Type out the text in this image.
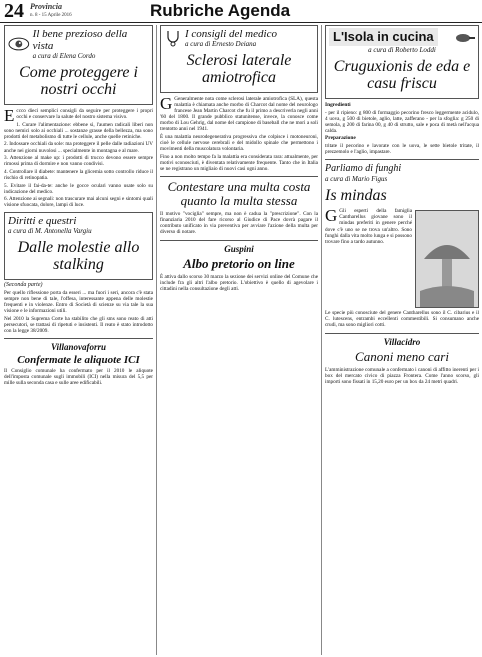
24 Provincia
n. 8 - 15 Aprile 2016	Rubriche Agenda
Il bene prezioso della vista
a cura di Elena Cordo
Come proteggere i nostri occhi

Eccco dieci semplici consigli da seguire per proteggere i propri occhi e conservare la salute del nostro sistema visivo.

1. Curare l'alimentazione: ebbene sì, l'aumen radicali liberi non sono nemici solo ai occhiali ... sostanze grasse della bellezza, ma sono prodotti del metabolismo di tutte le cellule, anche quelle retiniche.

2. Indossare occhiali da sole: ma proteggere il pelle dalle radiazioni UV anche nei giorni nuvolosi ... specialmente in montagna e al mare.

3. Attenzione al make up: i prodotti di trucco devono essere sempre rimossi prima di dormire e non vanno condivisi.

4. Controllare il diabete: mantenere la glicemia sotto controllo riduce il rischio di retinopatia.

5. Evitare il fai-da-te: anche le gocce oculari vanno usate solo su indicazione del medico.

6. Attenzione ai segnali: non trascurare mai alcuni segni e sintomi quali visione sfuocata, dolore, lampi di luce.

Diritti e questri
a cura di M. Antonella Vargiu
Dalle molestie allo stalking

(Seconda parte)

Per quello riflessione porta da esseri ... ma fuori i seri, ancora c'è stata sempre non bene di tale, l'offesa, interessante appena delle molestie frequenti e in violenze. Entro di Società di scienze su via tale la sua visione e le informazioni utili.

Nel 2010 la Suprema Corte ha stabilito che gli sms sono reato di atti persecutori, se trattasi di ripetuti e insistenti. Il reato è stato introdotto con la legge 38/2009.

Villanovaforru
Confermate le aliquote ICI
Il Consiglio comunale ha confermato per il 2010 le aliquote dell'imposta comunale sugli immobili (ICI) nella misura del 5,5 per mille sulla seconda casa e sulle aree edificabili.
I consigli del medico
a cura di Ernesto Deiana
Sclerosi laterale amiotrofica

G Generalmente nota come sclerosi laterale amiotrofica (SLA), questa malattia è chiamata anche morbo di Charcot dal nome del neurologo francese Jean Martin Charcot che fu il primo a descriverla negli anni '60 del 1800. Il grande pubblico statunitense, invece, la conosce come morbo di Lou Gehrig, dal nome del campione di baseball che ne morì a soli trentotto anni nel 1941.

È una malattia neurodegenerativa progressiva che colpisce i motoneuroni, cioè le cellule nervose cerebrali e del midollo spinale che permettono i movimenti della muscolatura volontaria.

Fino a non molto tempo fa la malattia era considerata rara: attualmente, per motivi sconosciuti, è diventata relativamente frequente. Tanto che in Italia se ne registrano un migliaio di nuovi casi ogni anno.

Contestare una multa costa quanto la multa stessa
Il motivo "vociglia" sempre, ma non è cadua la "prescrizione". Con la finanziaria 2010 del fare ricorso al Giudice di Pace dovrà pagare il contributo unificato in via preventiva per avviare l'azione della multa per diverso di notare.
Guspini
Albo pretorio on line
È attiva dallo scorso 30 marzo la sezione dei servizi online del Comune che include fra gli altri l'albo pretorio. L'obiettivo è quello di agevolare i cittadini nella consultazione degli atti.
L'Isola in cucina
a cura di Roberto Loddi
Cruguxionis de eda e casu friscu

Ingredienti

- per il ripieno: g 800 di formaggio pecorino fresco leggermente acidulo, 4 uova, g 500 di bietole, aglio, latte, zafferano - per la sfoglia: g 250 di semola, g 200 di farina 00, g 40 di strutto, sale e poca di metà nell'acqua calda.

Preparazione

tritate il pecorino e lavorate con le uova, le sette bietole tritate, il prezzemolo e l'aglio, impastare.

Parliamo di funghi
a cura di Mario Figus
Is mindas

G Gli esperti della famiglia Cantharellus giovane sono il mindas preferiti in genere perché dove c'è uno se ne trova un'altro. Sono funghi dalla vita molto lunga e si possono trovare fino a tardo autunno.

Le specie più conosciute del genere Cantharellus sono il C. cibarius e il C. lutescens, entrambi eccellenti commestibili. Si consumano anche crudi, ma sono migliori cotti.
Villacidro
Canoni meno cari
L'amministrazione comunale a confermato i canoni di affitto inerenti per i box del mercato civico di piazza Frontera. Come l'anno scorso, gli importi sono fissati in 15,20 euro per un box da 24 metri quadri.
